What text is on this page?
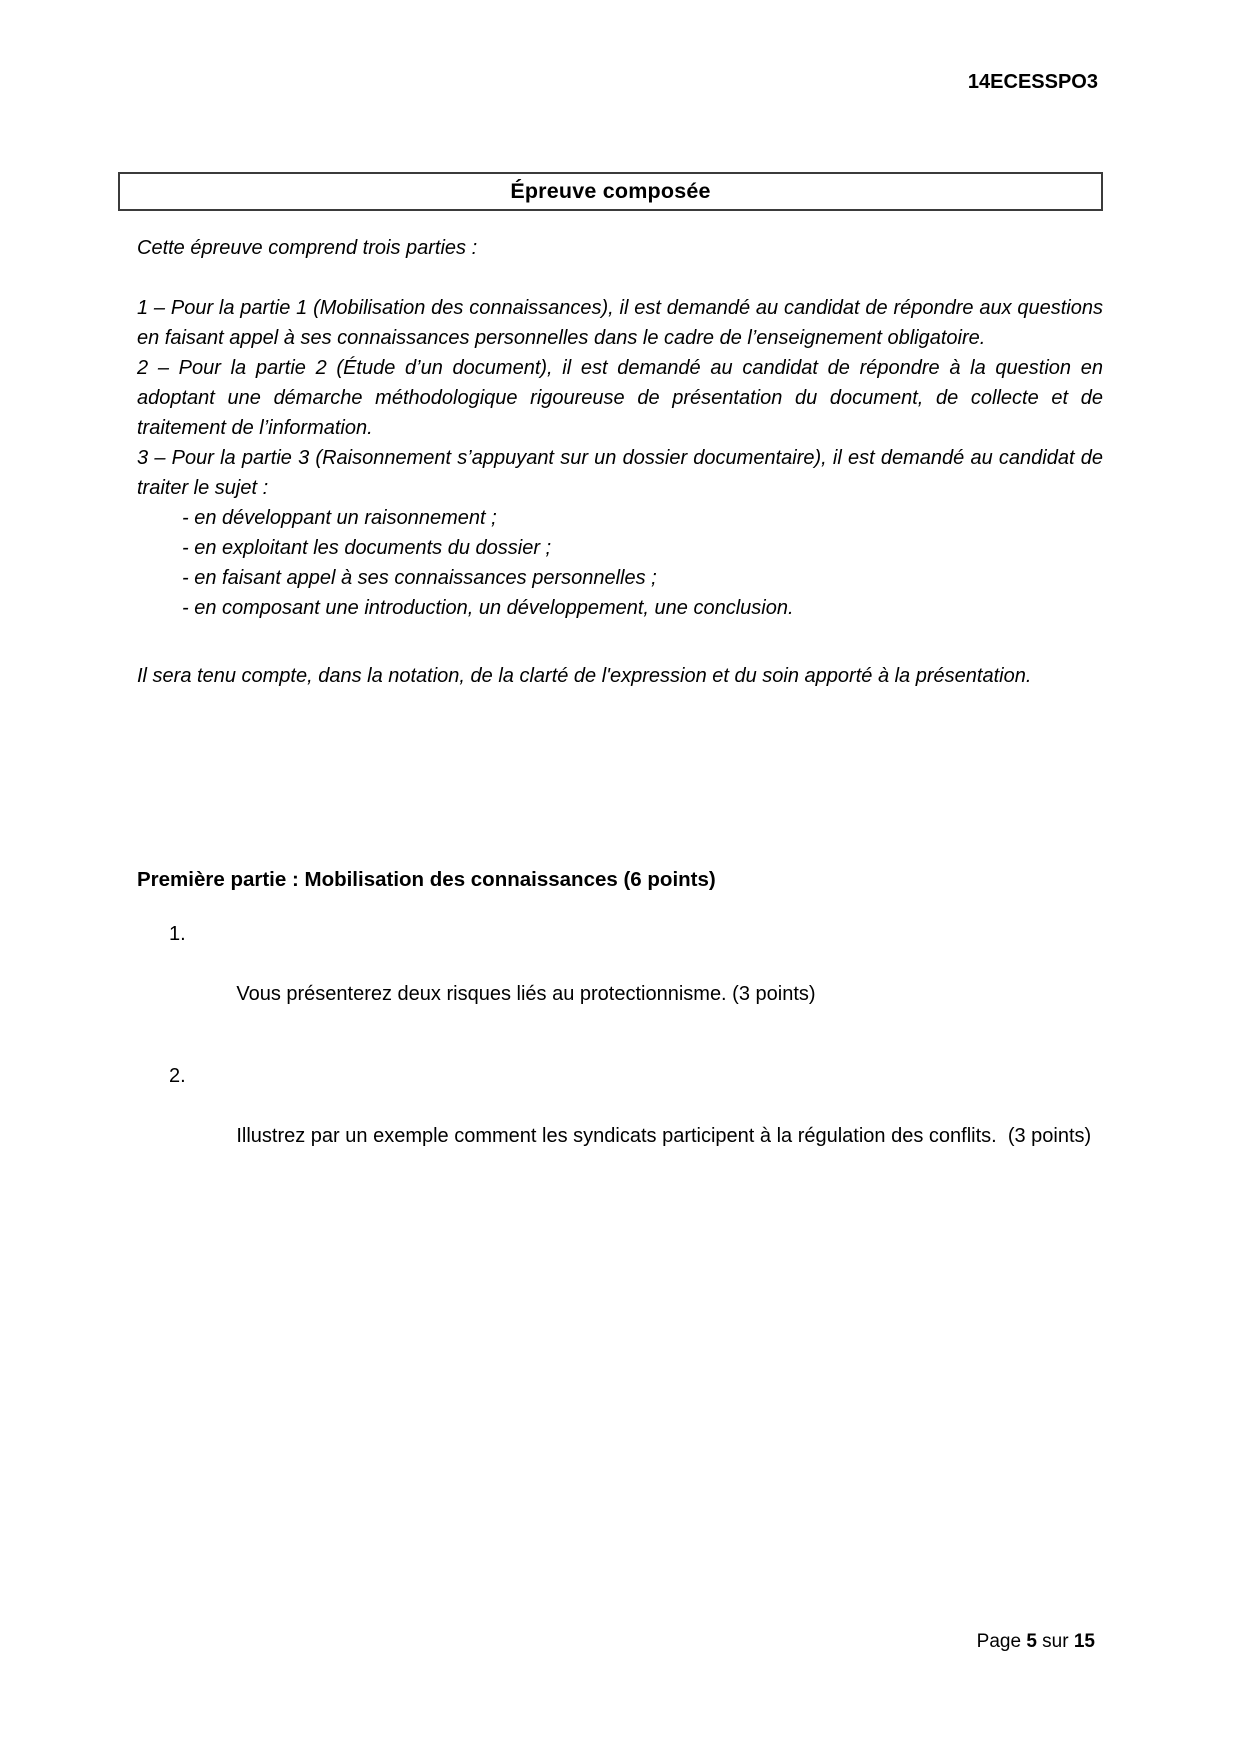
14ECESSPO3
Épreuve composée

Cette épreuve comprend trois parties :

1 – Pour la partie 1 (Mobilisation des connaissances), il est demandé au candidat de répondre aux questions en faisant appel à ses connaissances personnelles dans le cadre de l’enseignement obligatoire.

2 – Pour la partie 2 (Étude d’un document), il est demandé au candidat de répondre à la question en adoptant une démarche méthodologique rigoureuse de présentation du document, de collecte et de  traitement de l’information.

3 – Pour la partie 3 (Raisonnement s’appuyant sur un dossier documentaire), il est demandé au candidat de traiter le sujet :

- en développant un raisonnement ;

- en exploitant les documents du dossier ;

- en faisant appel à ses connaissances personnelles ;

- en composant une introduction, un développement, une conclusion.

Il sera tenu compte, dans la notation, de la clarté de l'expression et du soin apporté à la présentation.

Première partie : Mobilisation des connaissances (6 points)

1.

Vous présenterez deux risques liés au protectionnisme. (3 points)

2.

Illustrez par un exemple comment les syndicats participent à la régulation des conflits.  (3 points)

Page 5 sur 15
